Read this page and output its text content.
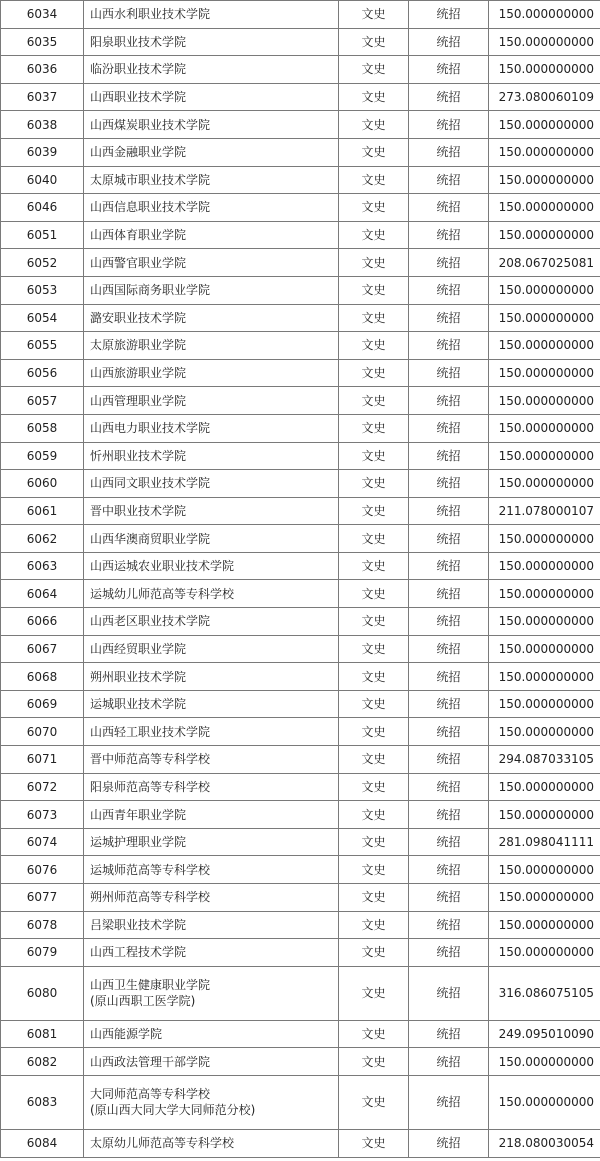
6034	山西水利职业技术学院	文史	统招	150.000000000
6035	阳泉职业技术学院	文史	统招	150.000000000
6036	临汾职业技术学院	文史	统招	150.000000000
6037	山西职业技术学院	文史	统招	273.080060109
6038	山西煤炭职业技术学院	文史	统招	150.000000000
6039	山西金融职业学院	文史	统招	150.000000000
6040	太原城市职业技术学院	文史	统招	150.000000000
6046	山西信息职业技术学院	文史	统招	150.000000000
6051	山西体育职业学院	文史	统招	150.000000000
6052	山西警官职业学院	文史	统招	208.067025081
6053	山西国际商务职业学院	文史	统招	150.000000000
6054	潞安职业技术学院	文史	统招	150.000000000
6055	太原旅游职业学院	文史	统招	150.000000000
6056	山西旅游职业学院	文史	统招	150.000000000
6057	山西管理职业学院	文史	统招	150.000000000
6058	山西电力职业技术学院	文史	统招	150.000000000
6059	忻州职业技术学院	文史	统招	150.000000000
6060	山西同文职业技术学院	文史	统招	150.000000000
6061	晋中职业技术学院	文史	统招	211.078000107
6062	山西华澳商贸职业学院	文史	统招	150.000000000
6063	山西运城农业职业技术学院	文史	统招	150.000000000
6064	运城幼儿师范高等专科学校	文史	统招	150.000000000
6066	山西老区职业技术学院	文史	统招	150.000000000
6067	山西经贸职业学院	文史	统招	150.000000000
6068	朔州职业技术学院	文史	统招	150.000000000
6069	运城职业技术学院	文史	统招	150.000000000
6070	山西轻工职业技术学院	文史	统招	150.000000000
6071	晋中师范高等专科学校	文史	统招	294.087033105
6072	阳泉师范高等专科学校	文史	统招	150.000000000
6073	山西青年职业学院	文史	统招	150.000000000
6074	运城护理职业学院	文史	统招	281.098041111
6076	运城师范高等专科学校	文史	统招	150.000000000
6077	朔州师范高等专科学校	文史	统招	150.000000000
6078	吕梁职业技术学院	文史	统招	150.000000000
6079	山西工程技术学院	文史	统招	150.000000000
6080	山西卫生健康职业学院
(原山西职工医学院)	文史	统招	316.086075105
6081	山西能源学院	文史	统招	249.095010090
6082	山西政法管理干部学院	文史	统招	150.000000000
6083	大同师范高等专科学校
(原山西大同大学大同师范分校)	文史	统招	150.000000000
6084	太原幼儿师范高等专科学校	文史	统招	218.080030054
